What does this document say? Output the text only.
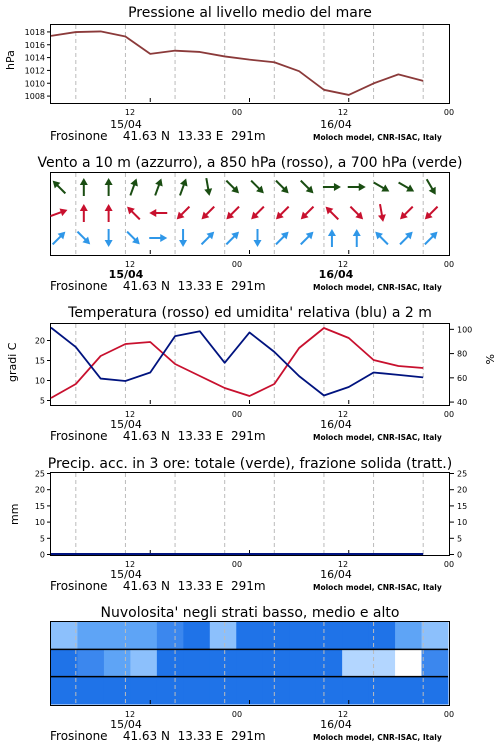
Pressione al livello medio del mare
hPa
1008
1010
1012
1014
1016
1018
12	00	12	00
15/04	16/04
Frosinone 41.63 N 13.33 E 291m	Moloch model, CNR-ISAC, Italy
Vento a 10 m (azzurro), a 850 hPa (rosso), a 700 hPa (verde)
12	00	12	00
15/04	16/04
Frosinone 41.63 N 13.33 E 291m	Moloch model, CNR-ISAC, Italy
Temperatura (rosso) ed umidita' relativa (blu) a 2 m
gradi C	%
5
10
15
20
40
60
80
100
12	00	12	00
15/04	16/04
Frosinone 41.63 N 13.33 E 291m	Moloch model, CNR-ISAC, Italy
Precip. acc. in 3 ore: totale (verde), frazione solida (tratt.)
mm
0
5
10
15
20
25
0
5
10
15
20
25
12	00	12	00
15/04	16/04
Frosinone 41.63 N 13.33 E 291m	Moloch model, CNR-ISAC, Italy
Nuvolosita' negli strati basso, medio e alto
12	00	12	00
15/04	16/04
Frosinone 41.63 N 13.33 E 291m	Moloch model, CNR-ISAC, Italy
